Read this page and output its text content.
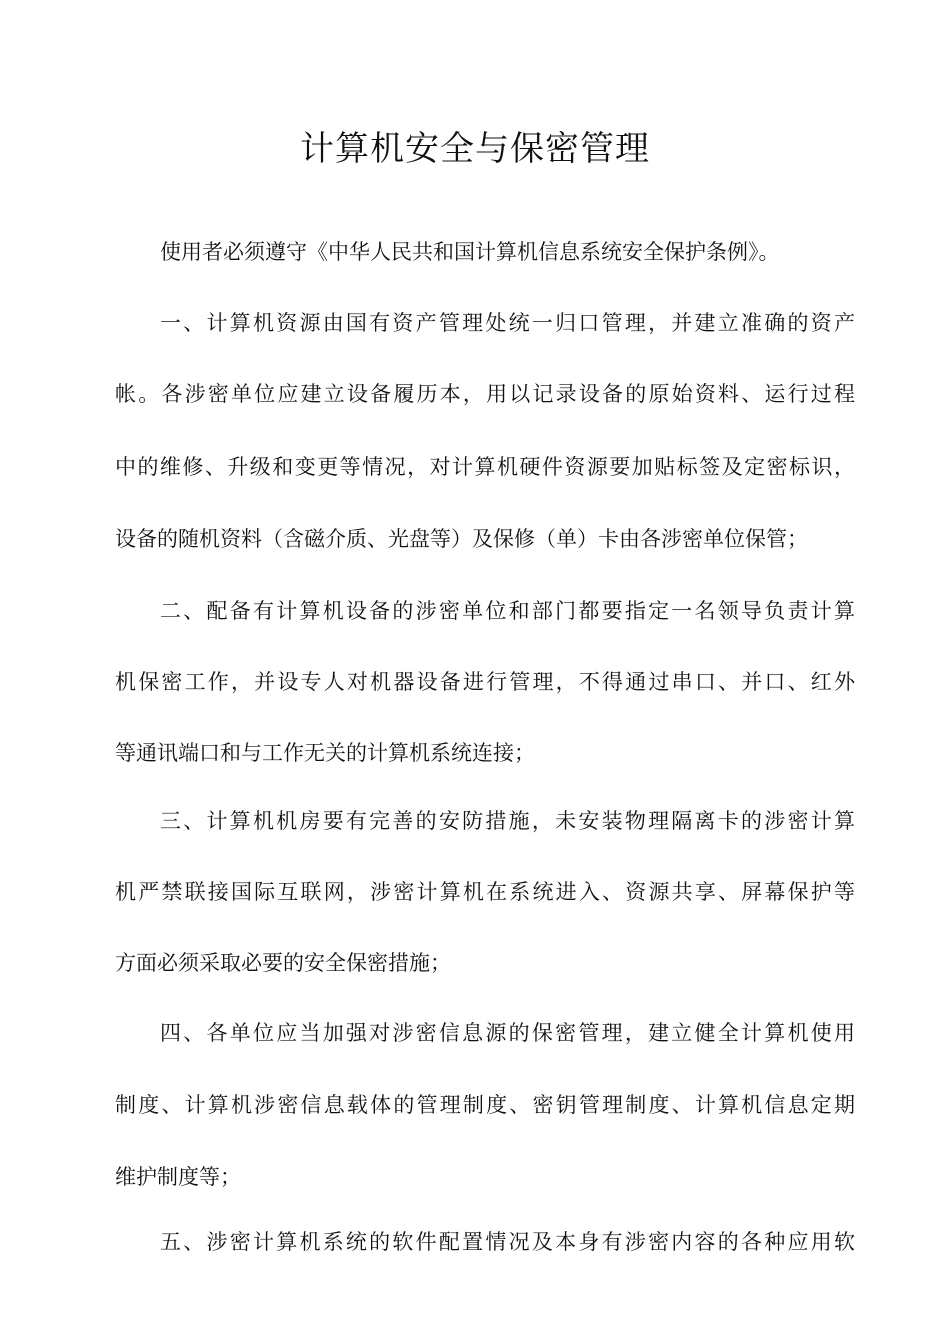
计算机安全与保密管理
使用者必须遵守《中华人民共和国计算机信息系统安全保护条例》。
一、计算机资源由国有资产管理处统一归口管理，并建立准确的资产
帐。各涉密单位应建立设备履历本，用以记录设备的原始资料、运行过程
中的维修、升级和变更等情况，对计算机硬件资源要加贴标签及定密标识，
设备的随机资料（含磁介质、光盘等）及保修（单）卡由各涉密单位保管；
二、配备有计算机设备的涉密单位和部门都要指定一名领导负责计算
机保密工作，并设专人对机器设备进行管理，不得通过串口、并口、红外
等通讯端口和与工作无关的计算机系统连接；
三、计算机机房要有完善的安防措施，未安装物理隔离卡的涉密计算
机严禁联接国际互联网，涉密计算机在系统进入、资源共享、屏幕保护等
方面必须采取必要的安全保密措施；
四、各单位应当加强对涉密信息源的保密管理，建立健全计算机使用
制度、计算机涉密信息载体的管理制度、密钥管理制度、计算机信息定期
维护制度等；
五、涉密计算机系统的软件配置情况及本身有涉密内容的各种应用软
